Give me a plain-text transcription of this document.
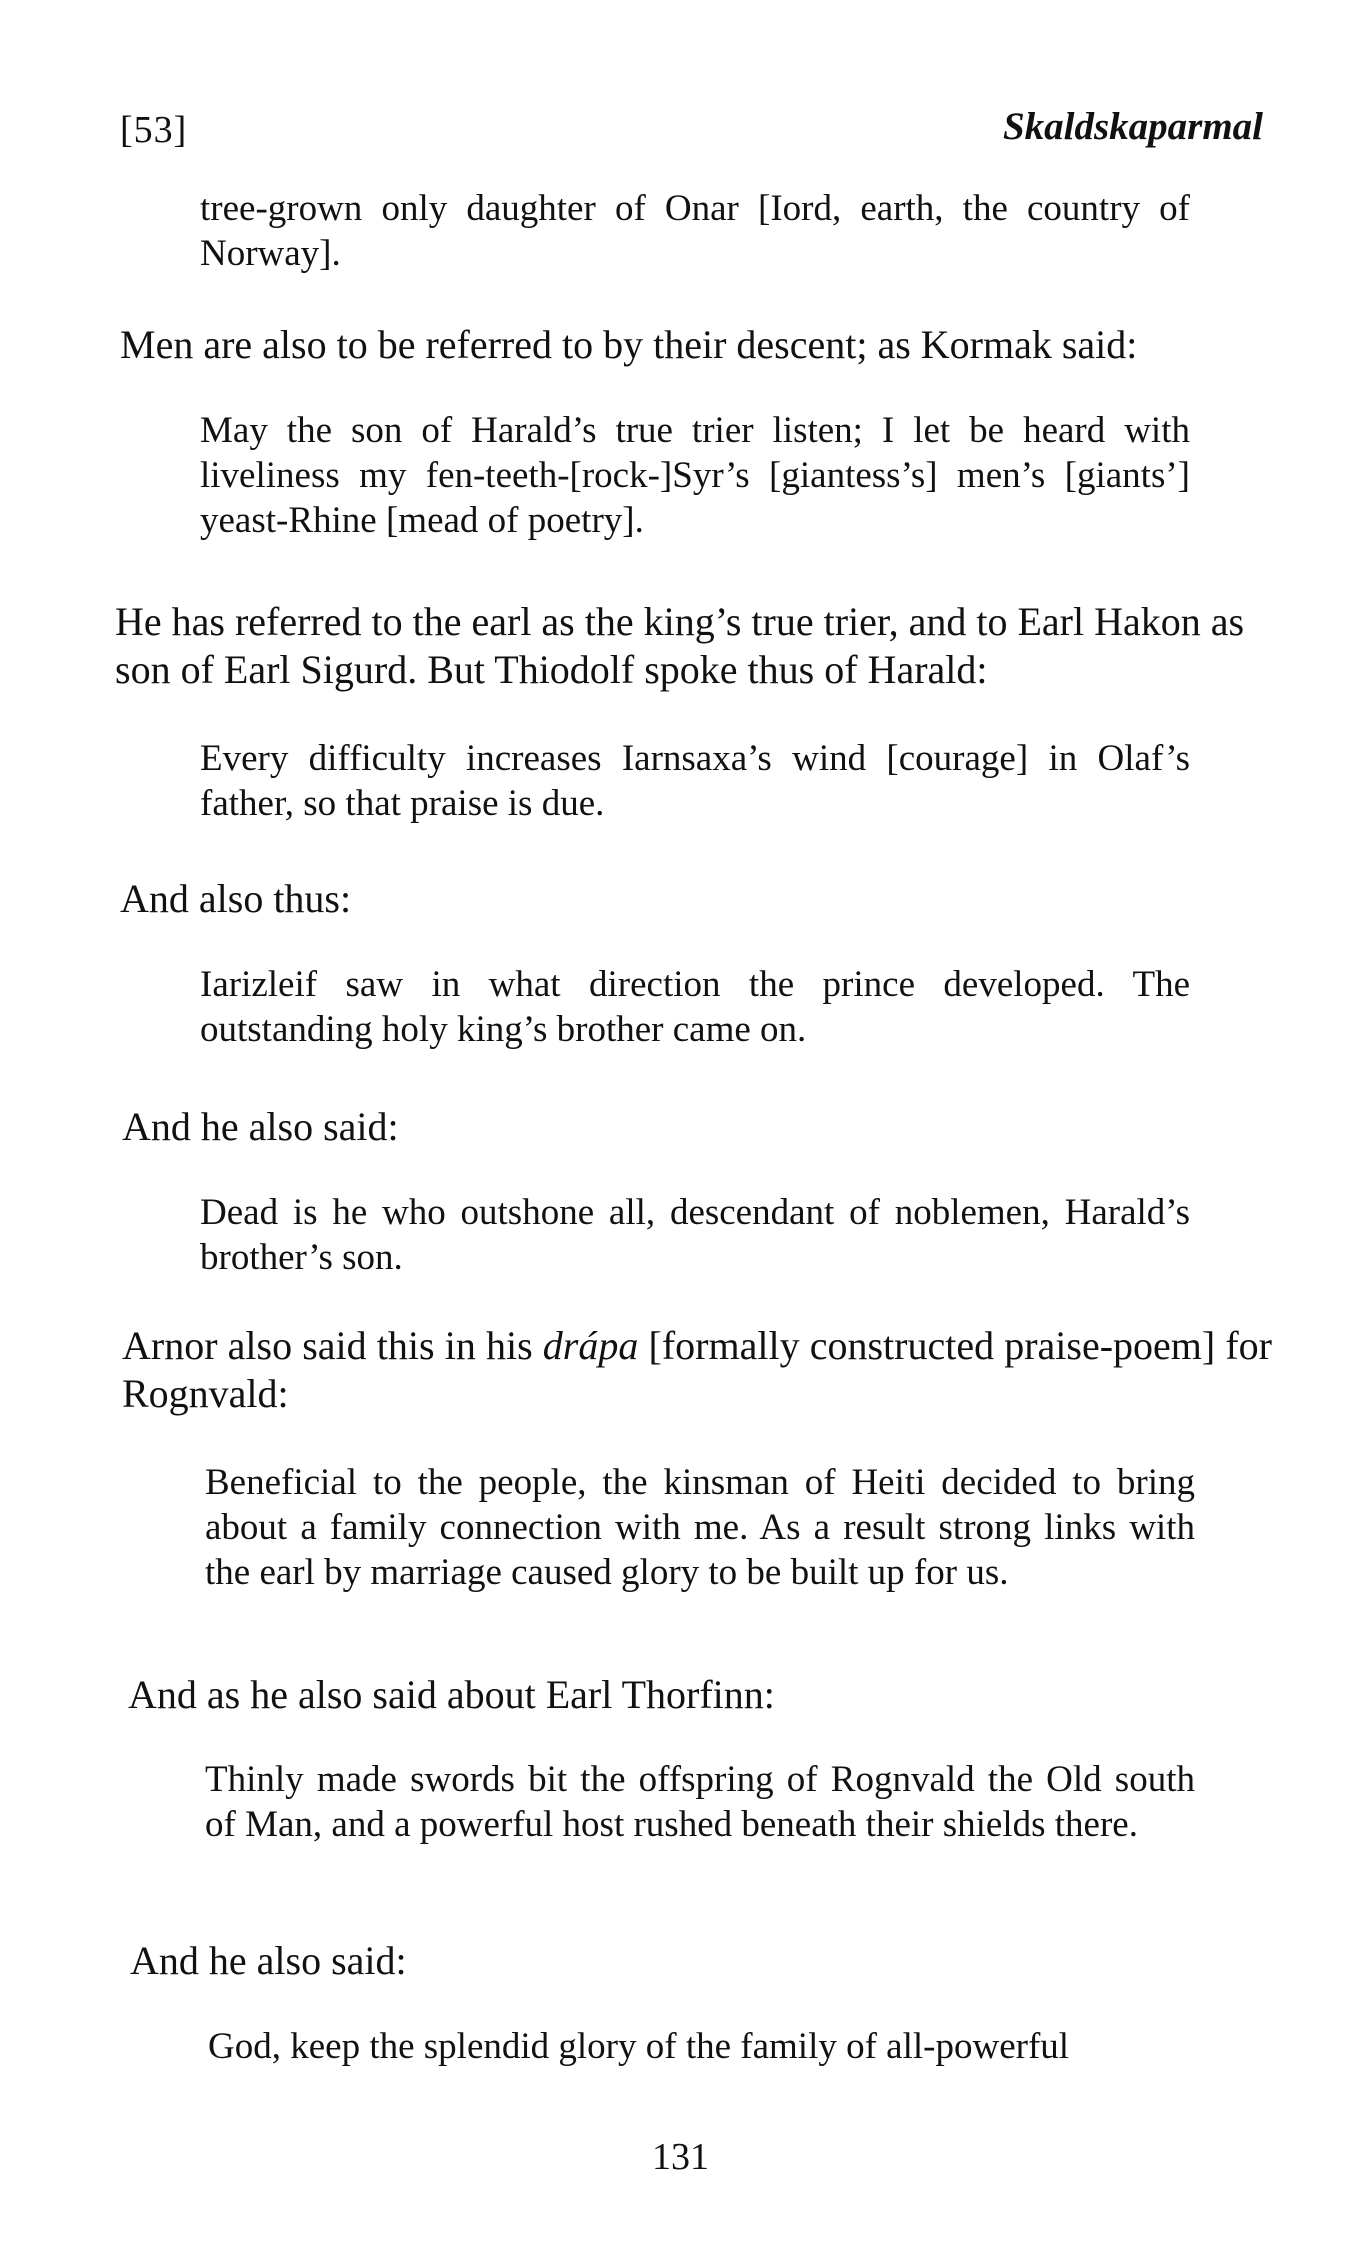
[53]	Skaldskaparmal

tree-grown only daughter of Onar [Iord, earth, the country of Norway].

Men are also to be referred to by their descent; as Kormak said:

May the son of Harald’s true trier listen; I let be heard with liveliness my fen-teeth-[rock-]Syr’s [giantess’s] men’s [giants’] yeast-Rhine [mead of poetry].

He has referred to the earl as the king’s true trier, and to Earl Hakon as son of Earl Sigurd. But Thiodolf spoke thus of Harald:

Every difficulty increases Iarnsaxa’s wind [courage] in Olaf’s father, so that praise is due.

And also thus:

Iarizleif saw in what direction the prince developed. The outstanding holy king’s brother came on.

And he also said:

Dead is he who outshone all, descendant of noblemen, Harald’s brother’s son.

Arnor also said this in his drápa [formally constructed praise-poem] for Rognvald:

Beneficial to the people, the kinsman of Heiti decided to bring about a family connection with me. As a result strong links with the earl by marriage caused glory to be built up for us.

And as he also said about Earl Thorfinn:

Thinly made swords bit the offspring of Rognvald the Old south of Man, and a powerful host rushed beneath their shields there.

And he also said:

God, keep the splendid glory of the family of all-powerful

131
